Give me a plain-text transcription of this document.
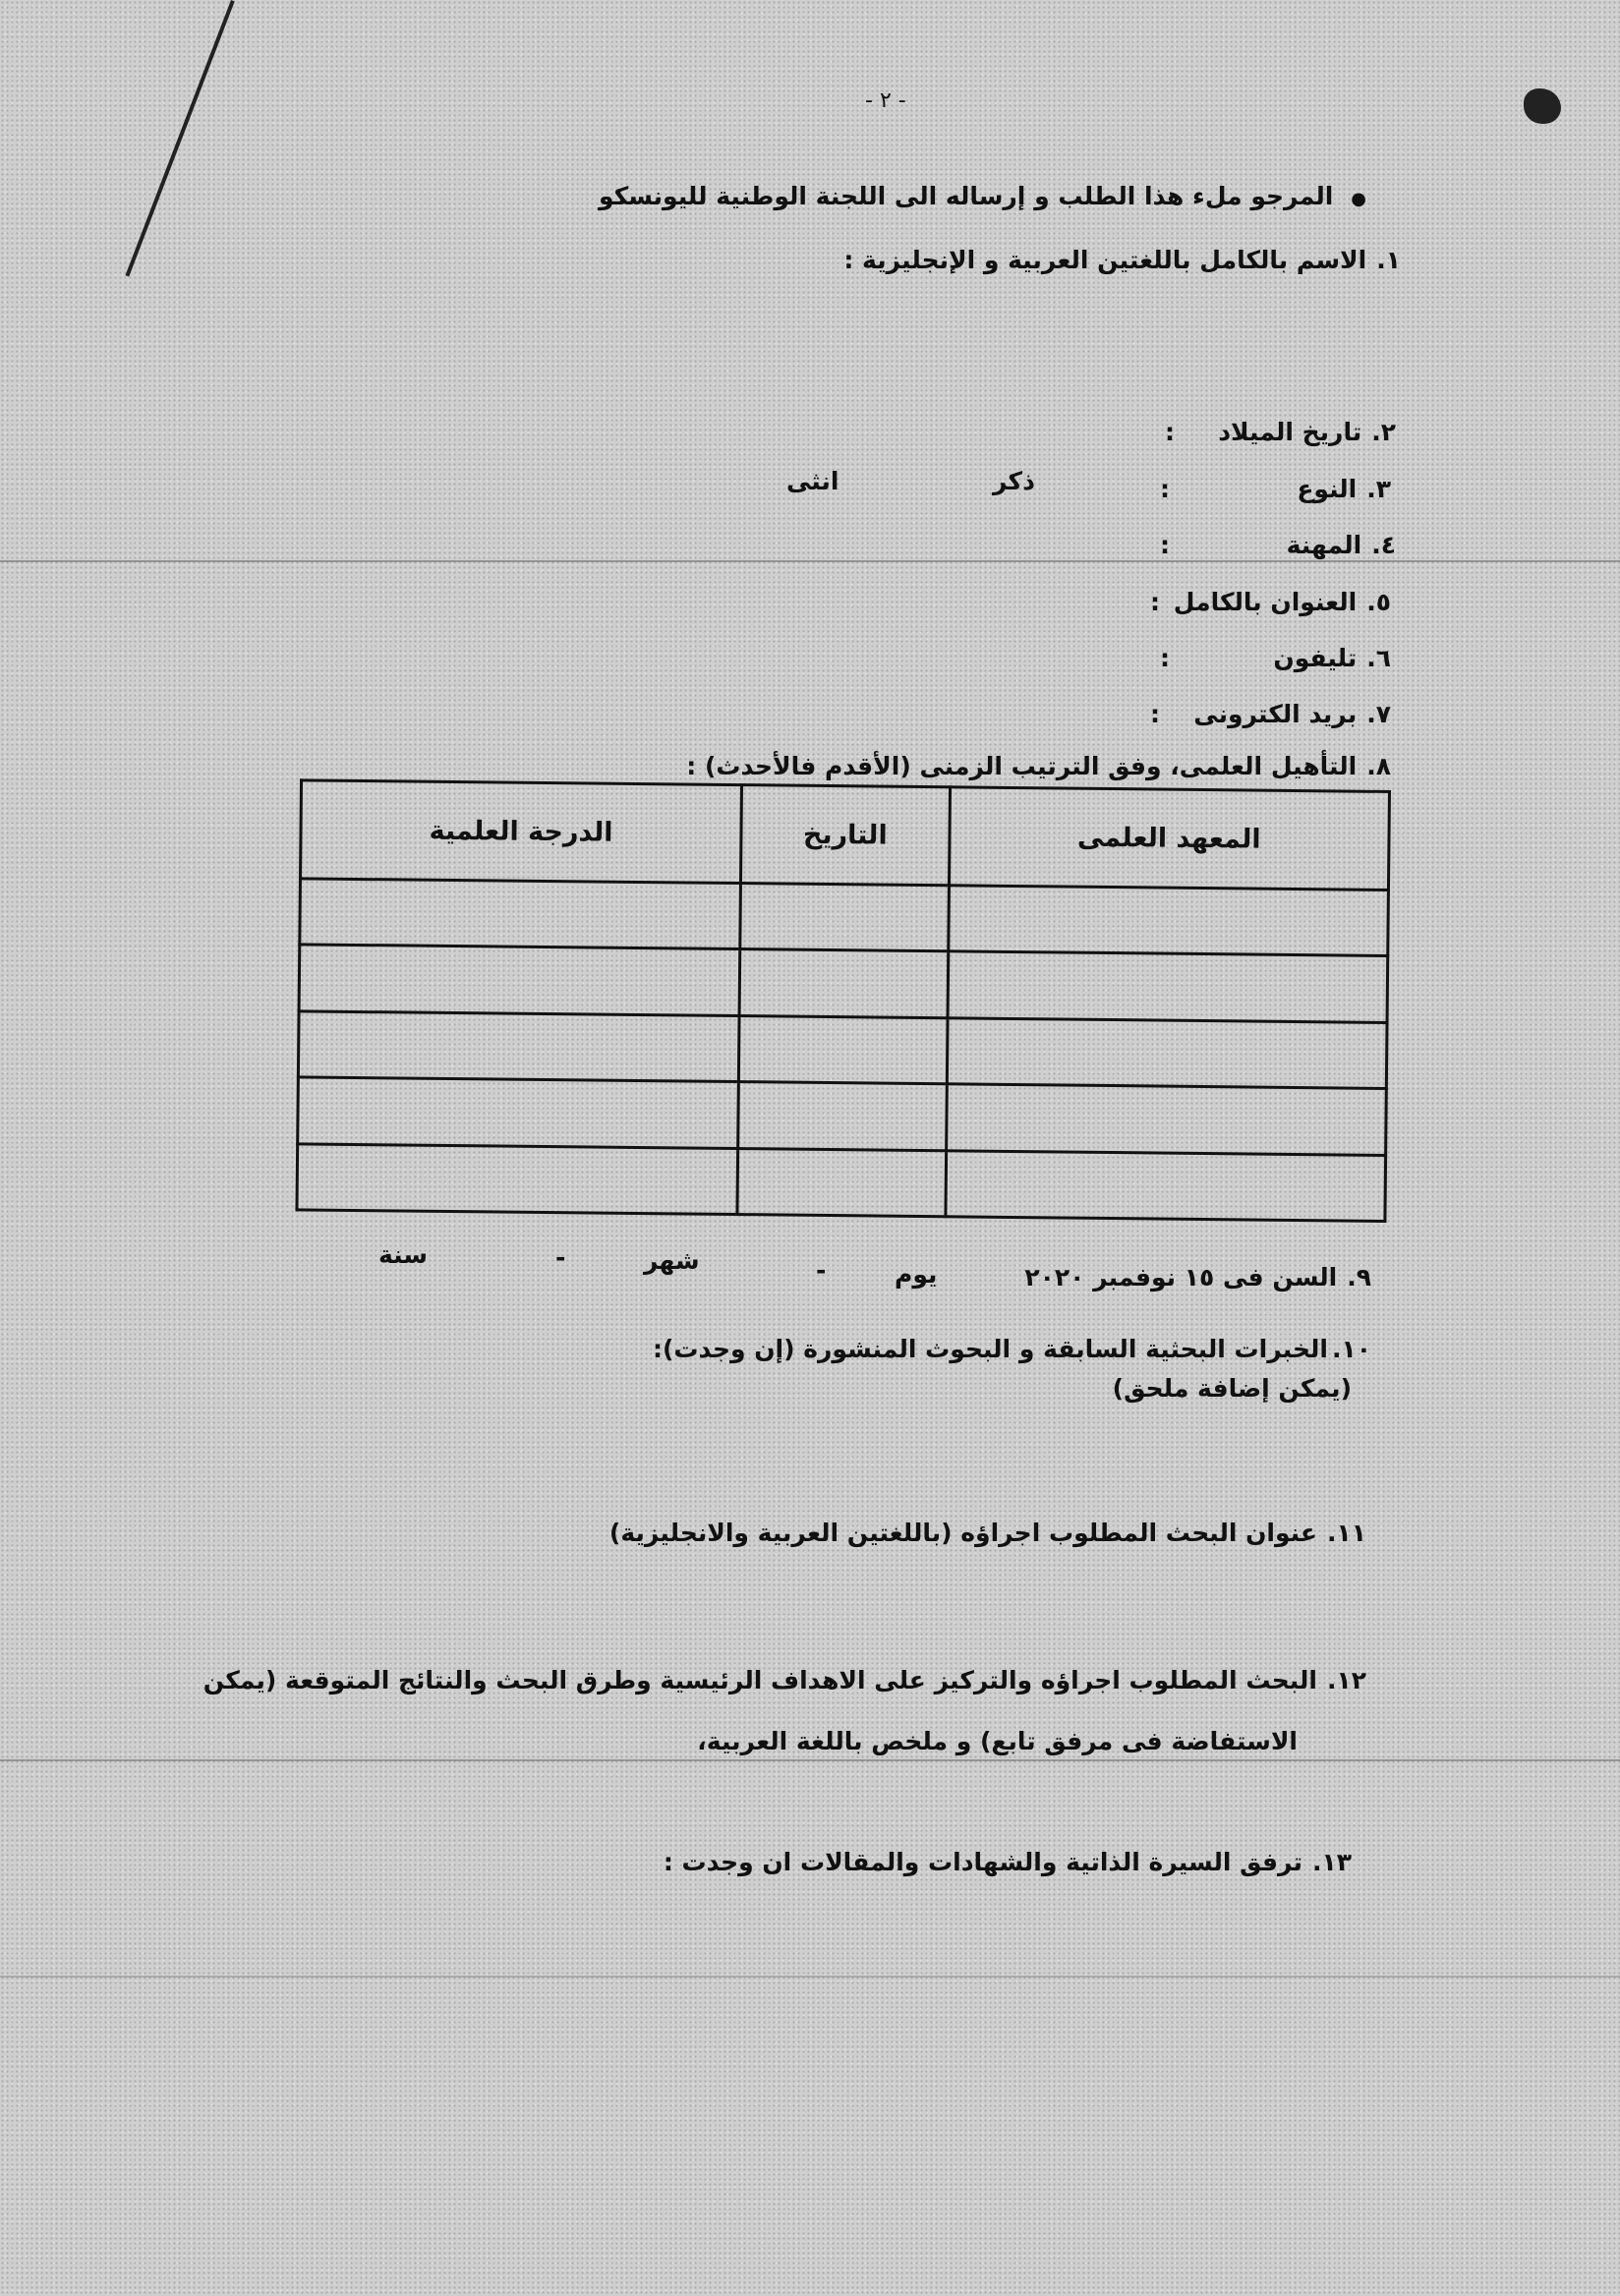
- ٢ -
●المرجو ملء هذا الطلب و إرساله الى اللجنة الوطنية لليونسكو
١.الاسم بالكامل باللغتين العربية و الإنجليزية :
٢.تاريخ الميلاد
:
٣.النوع
:
ذكر
انثى
٤.المهنة
:
٥.العنوان بالكامل
:
٦.تليفون
:
٧.بريد الكترونى
:
٨.التأهيل العلمى، وفق الترتيب الزمنى (الأقدم فالأحدث) :
المعهد العلمى	التاريخ	الدرجة العلمية

٩.السن فى ١٥ نوفمبر ٢٠٢٠
يوم
-
شهر
-
سنة
١٠.الخبرات البحثية السابقة و البحوث المنشورة (إن وجدت):
(يمكن إضافة ملحق)
١١.عنوان البحث المطلوب اجراؤه (باللغتين العربية والانجليزية)
١٢.البحث المطلوب اجراؤه والتركيز على الاهداف الرئيسية وطرق البحث والنتائج المتوقعة (يمكن
الاستفاضة فى مرفق تابع) و ملخص باللغة العربية،
١٣.ترفق السيرة الذاتية والشهادات والمقالات ان وجدت :
